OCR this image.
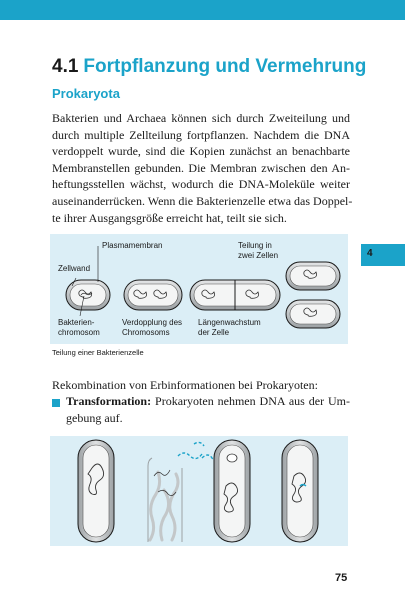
4
4.1 Fortpflanzung und Vermehrung
Prokaryota
Bakterien und Archaea können sich durch Zweiteilung und
durch multiple Zellteilung fortpflanzen. Nachdem die DNA
verdoppelt wurde, sind die Kopien zunächst an benachbarte
Membranstellen gebunden. Die Membran zwischen den An-
heftungsstellen wächst, wodurch die DNA-Moleküle weiter
auseinanderrücken. Wenn die Bakterienzelle etwa das Doppel-
te ihrer Ausgangsgröße erreicht hat, teilt sie sich.
Plasmamembran
Zellwand
Teilung in
zwei Zellen
Bakterien-
chromosom
Verdopplung des
Chromosoms
Längenwachstum
der Zelle
Teilung einer Bakterienzelle
Rekombination von Erbinformationen bei Prokaryoten:
Transformation: Prokaryoten nehmen DNA aus der Um-
gebung auf.
75
